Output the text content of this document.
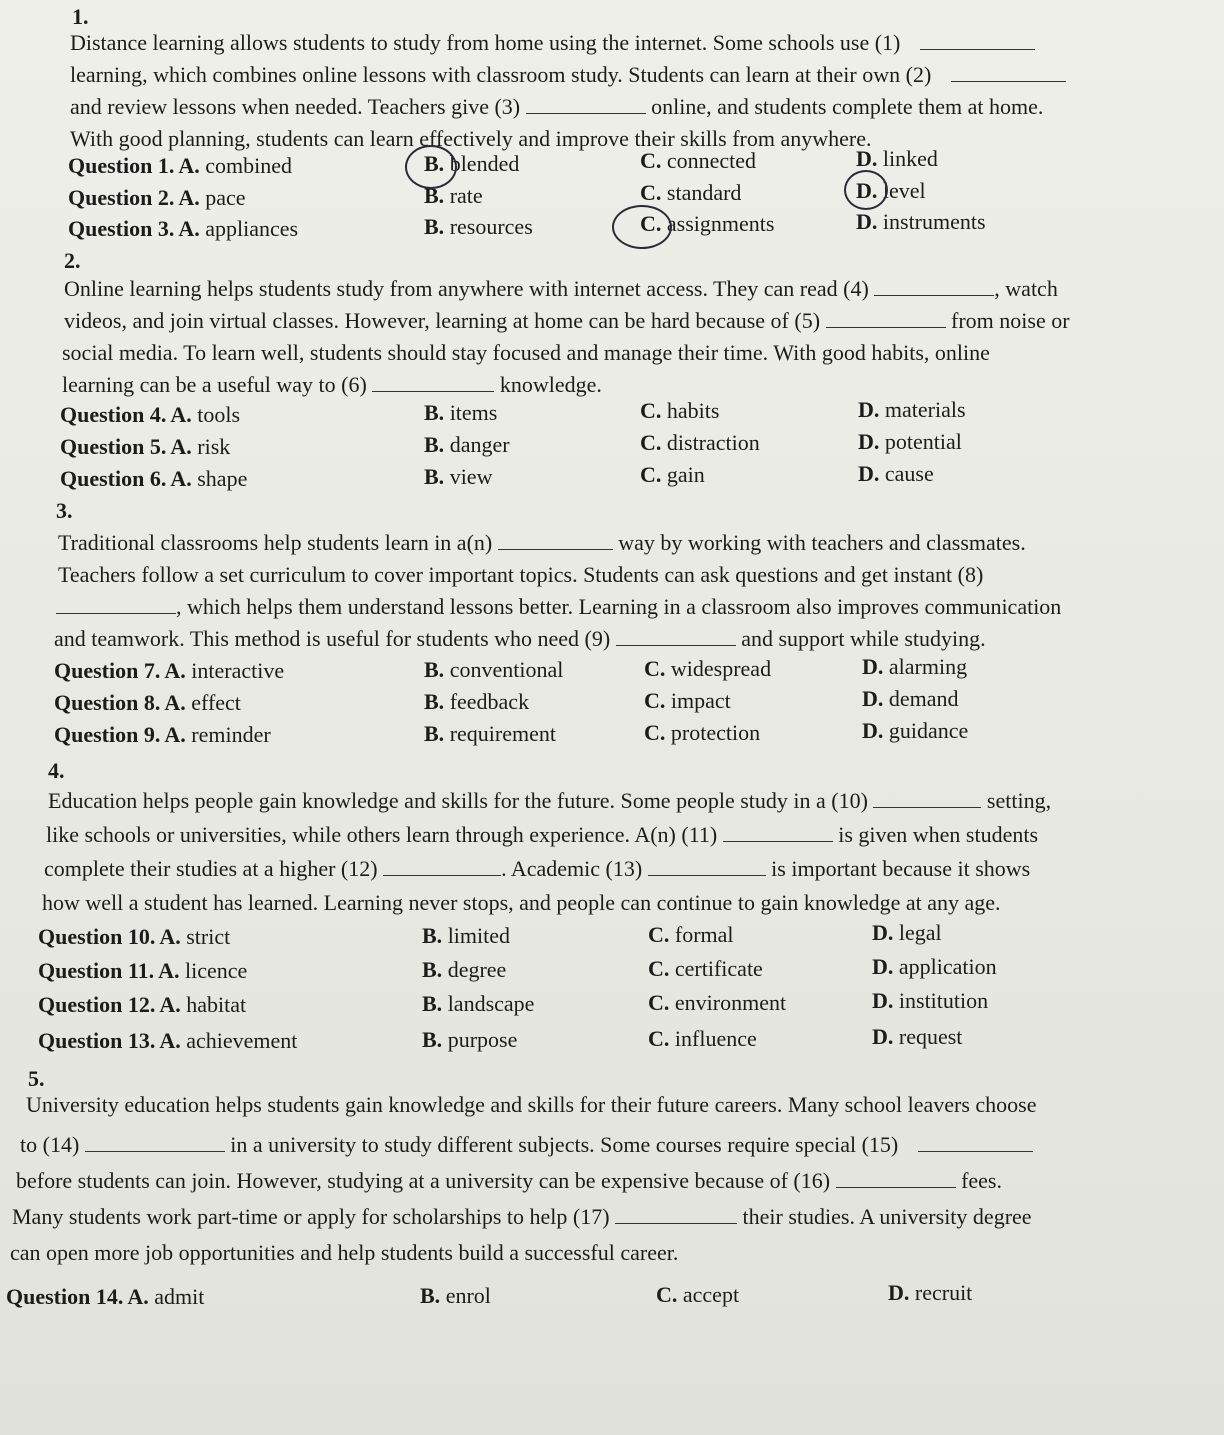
1.
Distance learning allows students to study from home using the internet. Some schools use (1)
learning, which combines online lessons with classroom study. Students can learn at their own (2)
and review lessons when needed. Teachers give (3)	online, and students complete them at home.
With good planning, students can learn effectively and improve their skills from anywhere.
Question 1. A. combined	B. blended	C. connected	D. linked
Question 2. A. pace	B. rate	C. standard	D. level
Question 3. A. appliances	B. resources	C. assignments	D. instruments
2.
Online learning helps students study from anywhere with internet access. They can read (4)	, watch
videos, and join virtual classes. However, learning at home can be hard because of (5)	from noise or
social media. To learn well, students should stay focused and manage their time. With good habits, online
learning can be a useful way to (6)	knowledge.
Question 4. A. tools	B. items	C. habits	D. materials
Question 5. A. risk	B. danger	C. distraction	D. potential
Question 6. A. shape	B. view	C. gain	D. cause
3.
Traditional classrooms help students learn in a(n)	way by working with teachers and classmates.
Teachers follow a set curriculum to cover important topics. Students can ask questions and get instant (8)
, which helps them understand lessons better. Learning in a classroom also improves communication
and teamwork. This method is useful for students who need (9)	and support while studying.
Question 7. A. interactive	B. conventional	C. widespread	D. alarming
Question 8. A. effect	B. feedback	C. impact	D. demand
Question 9. A. reminder	B. requirement	C. protection	D. guidance
4.
Education helps people gain knowledge and skills for the future. Some people study in a (10)	setting,
like schools or universities, while others learn through experience. A(n) (11)	is given when students
complete their studies at a higher (12)	. Academic (13)	is important because it shows
how well a student has learned. Learning never stops, and people can continue to gain knowledge at any age.
Question 10. A. strict	B. limited	C. formal	D. legal
Question 11. A. licence	B. degree	C. certificate	D. application
Question 12. A. habitat	B. landscape	C. environment	D. institution
Question 13. A. achievement	B. purpose	C. influence	D. request
5.
University education helps students gain knowledge and skills for their future careers. Many school leavers choose
to (14)	in a university to study different subjects. Some courses require special (15)
before students can join. However, studying at a university can be expensive because of (16)	fees.
Many students work part-time or apply for scholarships to help (17)	their studies. A university degree
can open more job opportunities and help students build a successful career.
Question 14. A. admit	B. enrol	C. accept	D. recruit
